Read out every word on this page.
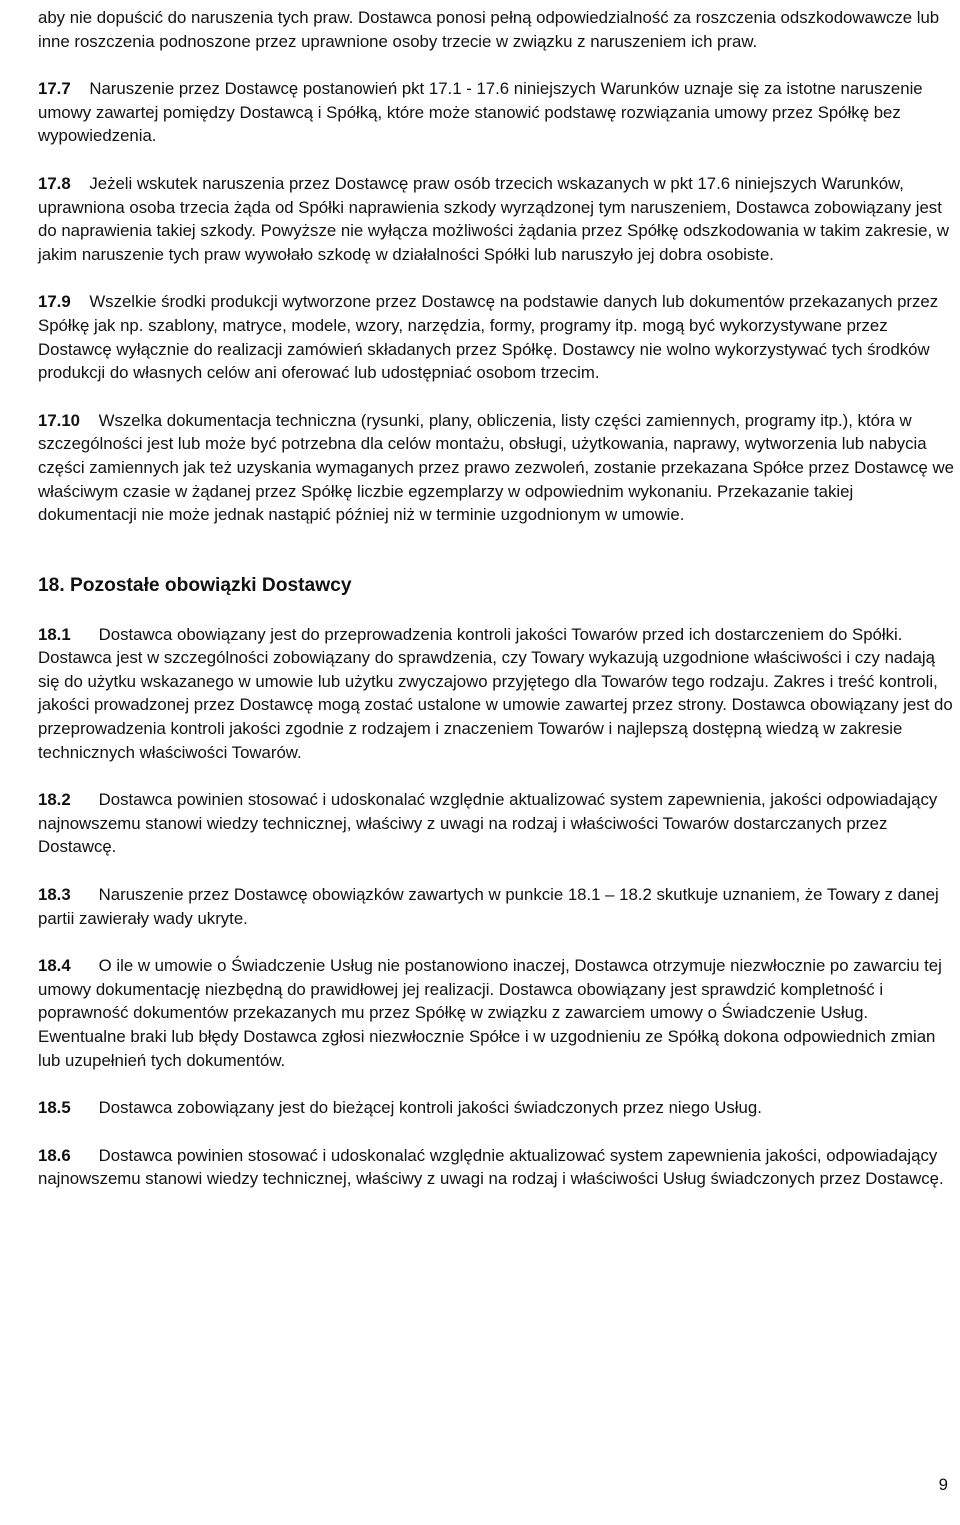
aby nie dopuścić do naruszenia tych praw. Dostawca ponosi pełną odpowiedzialność za roszczenia odszkodowawcze lub inne roszczenia podnoszone przez uprawnione osoby trzecie w związku z naruszeniem ich praw.

17.7 Naruszenie przez Dostawcę postanowień pkt 17.1 - 17.6 niniejszych Warunków uznaje się za istotne naruszenie umowy zawartej pomiędzy Dostawcą i Spółką, które może stanowić podstawę rozwiązania umowy przez Spółkę bez wypowiedzenia.

17.8 Jeżeli wskutek naruszenia przez Dostawcę praw osób trzecich wskazanych w pkt 17.6 niniejszych Warunków, uprawniona osoba trzecia żąda od Spółki naprawienia szkody wyrządzonej tym naruszeniem, Dostawca zobowiązany jest do naprawienia takiej szkody. Powyższe nie wyłącza możliwości żądania przez Spółkę odszkodowania w takim zakresie, w jakim naruszenie tych praw wywołało szkodę w działalności Spółki lub naruszyło jej dobra osobiste.

17.9 Wszelkie środki produkcji wytworzone przez Dostawcę na podstawie danych lub dokumentów przekazanych przez Spółkę jak np. szablony, matryce, modele, wzory, narzędzia, formy, programy itp. mogą być wykorzystywane przez Dostawcę wyłącznie do realizacji zamówień składanych przez Spółkę. Dostawcy nie wolno wykorzystywać tych środków produkcji do własnych celów ani oferować lub udostępniać osobom trzecim.

17.10 Wszelka dokumentacja techniczna (rysunki, plany, obliczenia, listy części zamiennych, programy itp.), która w szczególności jest lub może być potrzebna dla celów montażu, obsługi, użytkowania, naprawy, wytworzenia lub nabycia części zamiennych jak też uzyskania wymaganych przez prawo zezwoleń, zostanie przekazana Spółce przez Dostawcę we właściwym czasie w żądanej przez Spółkę liczbie egzemplarzy w odpowiednim wykonaniu. Przekazanie takiej dokumentacji nie może jednak nastąpić później niż w terminie uzgodnionym w umowie.

18. Pozostałe obowiązki Dostawcy

18.1 Dostawca obowiązany jest do przeprowadzenia kontroli jakości Towarów przed ich dostarczeniem do Spółki. Dostawca jest w szczególności zobowiązany do sprawdzenia, czy Towary wykazują uzgodnione właściwości i czy nadają się do użytku wskazanego w umowie lub użytku zwyczajowo przyjętego dla Towarów tego rodzaju. Zakres i treść kontroli, jakości prowadzonej przez Dostawcę mogą zostać ustalone w umowie zawartej przez strony. Dostawca obowiązany jest do przeprowadzenia kontroli jakości zgodnie z rodzajem i znaczeniem Towarów i najlepszą dostępną wiedzą w zakresie technicznych właściwości Towarów.

18.2 Dostawca powinien stosować i udoskonalać względnie aktualizować system zapewnienia, jakości odpowiadający najnowszemu stanowi wiedzy technicznej, właściwy z uwagi na rodzaj i właściwości Towarów dostarczanych przez Dostawcę.

18.3 Naruszenie przez Dostawcę obowiązków zawartych w punkcie 18.1 – 18.2 skutkuje uznaniem, że Towary z danej partii zawierały wady ukryte.

18.4 O ile w umowie o Świadczenie Usług nie postanowiono inaczej, Dostawca otrzymuje niezwłocznie po zawarciu tej umowy dokumentację niezbędną do prawidłowej jej realizacji. Dostawca obowiązany jest sprawdzić kompletność i poprawność dokumentów przekazanych mu przez Spółkę w związku z zawarciem umowy o Świadczenie Usług. Ewentualne braki lub błędy Dostawca zgłosi niezwłocznie Spółce i w uzgodnieniu ze Spółką dokona odpowiednich zmian lub uzupełnień tych dokumentów.

18.5 Dostawca zobowiązany jest do bieżącej kontroli jakości świadczonych przez niego Usług.

18.6 Dostawca powinien stosować i udoskonalać względnie aktualizować system zapewnienia jakości, odpowiadający najnowszemu stanowi wiedzy technicznej, właściwy z uwagi na rodzaj i właściwości Usług świadczonych przez Dostawcę.

9
